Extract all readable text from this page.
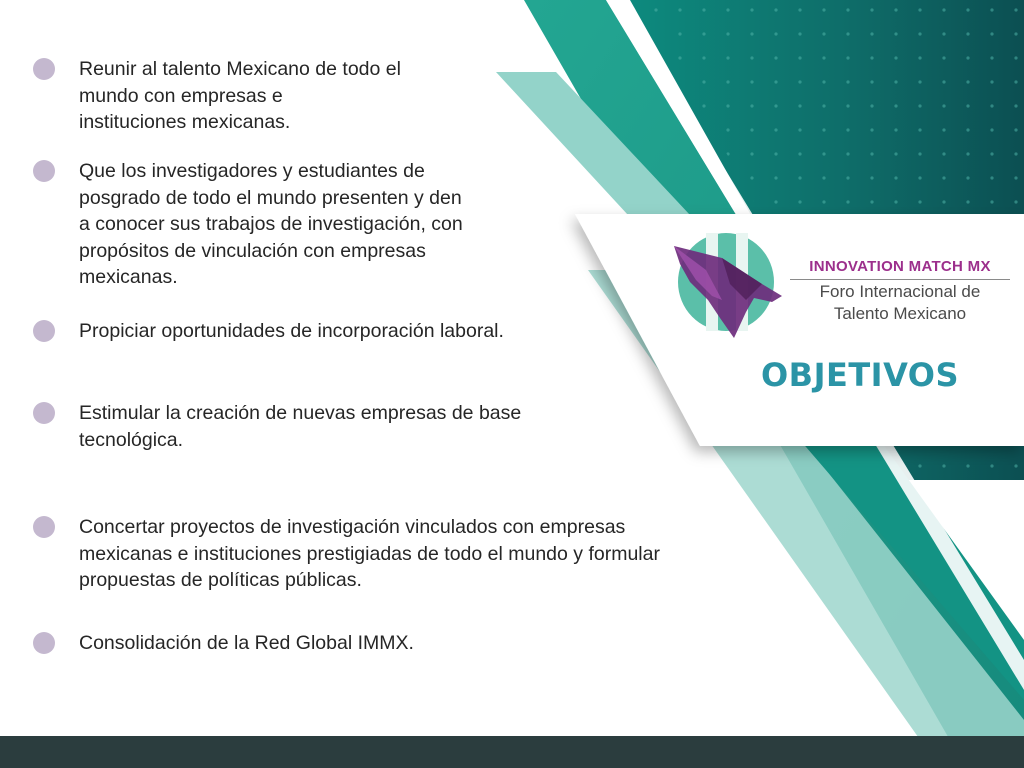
Reunir al talento Mexicano de todo el
mundo con empresas e
instituciones mexicanas.
Que los investigadores y estudiantes de
posgrado de todo el mundo presenten y den
a conocer sus trabajos de investigación, con
propósitos de vinculación con empresas
mexicanas.
Propiciar oportunidades de incorporación laboral.
Estimular la creación de nuevas empresas de base
tecnológica.
Concertar proyectos de investigación vinculados con empresas
mexicanas e instituciones prestigiadas de todo el mundo y formular
propuestas de políticas públicas.
Consolidación de la Red Global IMMX.
INNOVATION MATCH MX
Foro Internacional de
Talento Mexicano
OBJETIVOS
